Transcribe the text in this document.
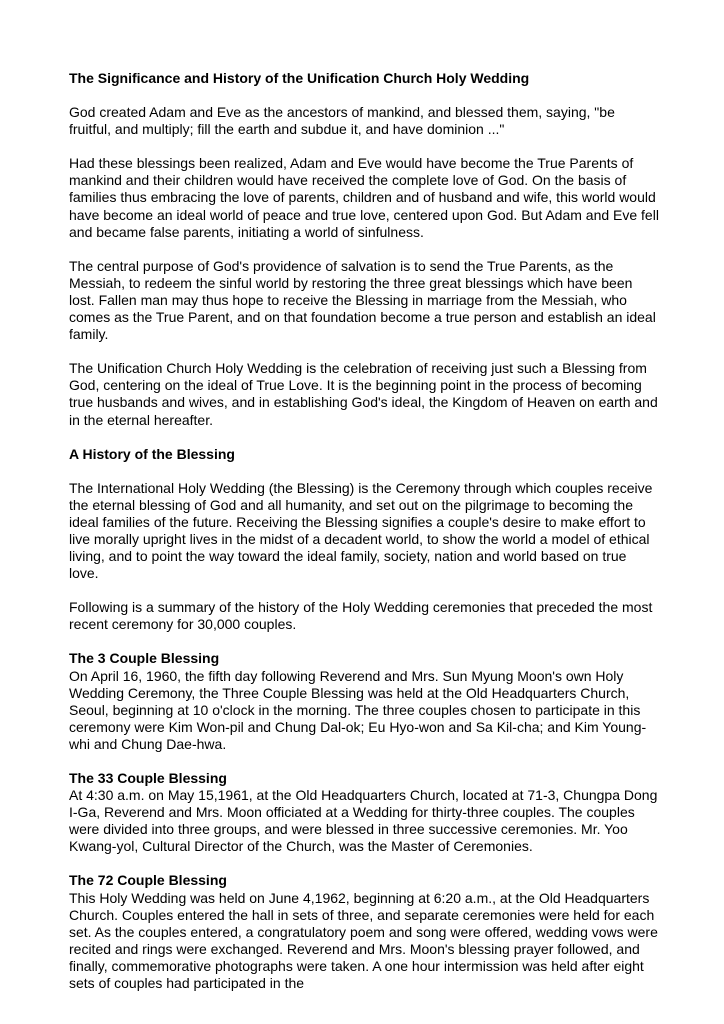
The Significance and History of the Unification Church Holy Wedding

God created Adam and Eve as the ancestors of mankind, and blessed them, saying, "be fruitful, and multiply; fill the earth and subdue it, and have dominion ..."

Had these blessings been realized, Adam and Eve would have become the True Parents of mankind and their children would have received the complete love of God. On the basis of families thus embracing the love of parents, children and of husband and wife, this world would have become an ideal world of peace and true love, centered upon God. But Adam and Eve fell and became false parents, initiating a world of sinfulness.

The central purpose of God's providence of salvation is to send the True Parents, as the Messiah, to redeem the sinful world by restoring the three great blessings which have been lost. Fallen man may thus hope to receive the Blessing in marriage from the Messiah, who comes as the True Parent, and on that foundation become a true person and establish an ideal family.

The Unification Church Holy Wedding is the celebration of receiving just such a Blessing from God, centering on the ideal of True Love. It is the beginning point in the process of becoming true husbands and wives, and in establishing God's ideal, the Kingdom of Heaven on earth and in the eternal hereafter.

A History of the Blessing

The International Holy Wedding (the Blessing) is the Ceremony through which couples receive the eternal blessing of God and all humanity, and set out on the pilgrimage to becoming the ideal families of the future. Receiving the Blessing signifies a couple's desire to make effort to live morally upright lives in the midst of a decadent world, to show the world a model of ethical living, and to point the way toward the ideal family, society, nation and world based on true love.

Following is a summary of the history of the Holy Wedding ceremonies that preceded the most recent ceremony for 30,000 couples.

The 3 Couple Blessing

On April 16, 1960, the fifth day following Reverend and Mrs. Sun Myung Moon's own Holy Wedding Ceremony, the Three Couple Blessing was held at the Old Headquarters Church, Seoul, beginning at 10 o'clock in the morning. The three couples chosen to participate in this ceremony were Kim Won-pil and Chung Dal-ok; Eu Hyo-won and Sa Kil-cha; and Kim Young-whi and Chung Dae-hwa.

The 33 Couple Blessing

At 4:30 a.m. on May 15,1961, at the Old Headquarters Church, located at 71-3, Chungpa Dong I-Ga, Reverend and Mrs. Moon officiated at a Wedding for thirty-three couples. The couples were divided into three groups, and were blessed in three successive ceremonies. Mr. Yoo Kwang-yol, Cultural Director of the Church, was the Master of Ceremonies.

The 72 Couple Blessing

This Holy Wedding was held on June 4,1962, beginning at 6:20 a.m., at the Old Headquarters Church. Couples entered the hall in sets of three, and separate ceremonies were held for each set. As the couples entered, a congratulatory poem and song were offered, wedding vows were recited and rings were exchanged. Reverend and Mrs. Moon's blessing prayer followed, and finally, commemorative photographs were taken. A one hour intermission was held after eight sets of couples had participated in the
